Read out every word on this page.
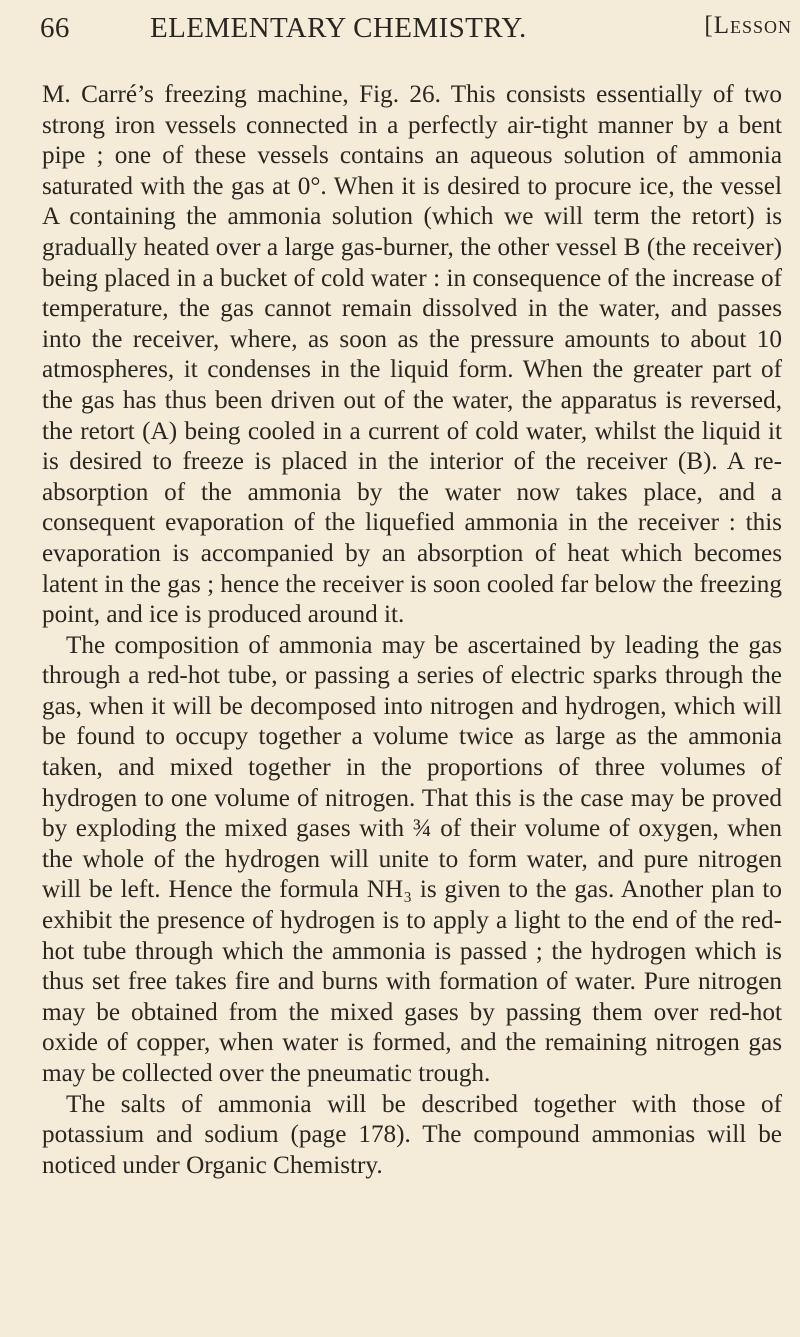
66	ELEMENTARY CHEMISTRY.	[Lesson

M. Carré’s freezing machine, Fig. 26. This consists essentially of two strong iron vessels connected in a perfectly air-tight manner by a bent pipe ; one of these vessels contains an aqueous solution of ammonia saturated with the gas at 0°. When it is desired to procure ice, the vessel A containing the ammonia solution (which we will term the retort) is gradually heated over a large gas-burner, the other vessel B (the receiver) being placed in a bucket of cold water : in consequence of the increase of temperature, the gas cannot remain dissolved in the water, and passes into the receiver, where, as soon as the pressure amounts to about 10 atmospheres, it condenses in the liquid form. When the greater part of the gas has thus been driven out of the water, the apparatus is reversed, the retort (A) being cooled in a current of cold water, whilst the liquid it is desired to freeze is placed in the interior of the receiver (B). A re-absorption of the ammonia by the water now takes place, and a consequent evaporation of the liquefied ammonia in the receiver : this evaporation is accompanied by an absorption of heat which becomes latent in the gas ; hence the receiver is soon cooled far below the freezing point, and ice is produced around it.

The composition of ammonia may be ascertained by leading the gas through a red-hot tube, or passing a series of electric sparks through the gas, when it will be decomposed into nitrogen and hydrogen, which will be found to occupy together a volume twice as large as the ammonia taken, and mixed together in the proportions of three volumes of hydrogen to one volume of nitrogen. That this is the case may be proved by exploding the mixed gases with ¾ of their volume of oxygen, when the whole of the hydrogen will unite to form water, and pure nitrogen will be left. Hence the formula NH₃ is given to the gas. Another plan to exhibit the presence of hydrogen is to apply a light to the end of the red-hot tube through which the ammonia is passed ; the hydrogen which is thus set free takes fire and burns with formation of water. Pure nitrogen may be obtained from the mixed gases by passing them over red-hot oxide of copper, when water is formed, and the remaining nitrogen gas may be collected over the pneumatic trough.

The salts of ammonia will be described together with those of potassium and sodium (page 178). The compound ammonias will be noticed under Organic Chemistry.
